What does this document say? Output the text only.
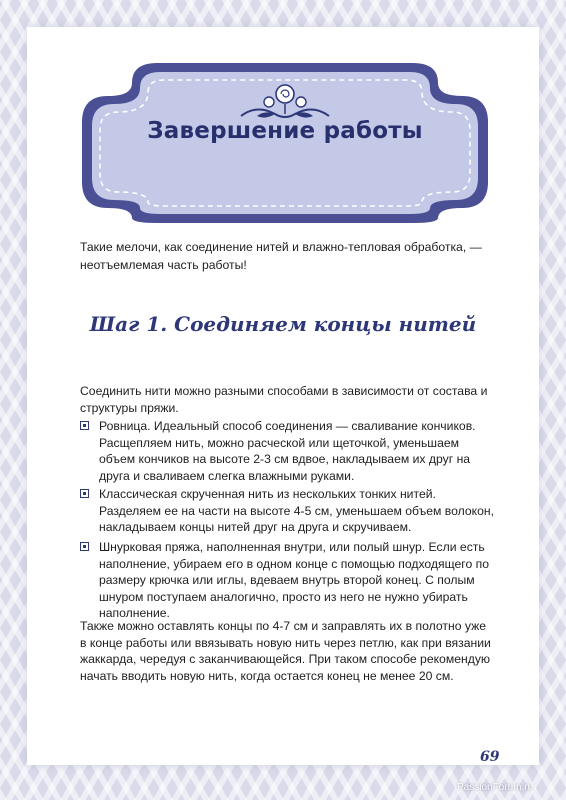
Завершение работы

Такие мелочи, как соединение нитей и влажно-тепловая обработка, — неотъемлемая часть работы!

Шаг 1. Соединяем концы нитей

Соединить нити можно разными способами в зависимости от состава и структуры пряжи.

Ровница. Идеальный способ соединения — сваливание кончиков. Расщепляем нить, можно расческой или щеточкой, уменьшаем объем кончиков на высоте 2-3 см вдвое, накладываем их друг на друга и сваливаем слегка влажными руками.

Классическая скрученная нить из нескольких тонких нитей. Разделяем ее на части на высоте 4-5 см, уменьшаем объем волокон, накладываем концы нитей друг на друга и скручиваем.

Шнурковая пряжа, наполненная внутри, или полый шнур. Если есть наполнение, убираем его в одном конце с помощью подходящего по размеру крючка или иглы, вдеваем внутрь второй конец. С полым шнуром поступаем аналогично, просто из него не нужно убирать наполнение.

Также можно оставлять концы по 4-7 см и заправлять их в полотно уже в конце работы или ввязывать новую нить через петлю, как при вязании жаккарда, чередуя с заканчивающейся. При таком способе рекомендую начать вводить новую нить, когда остается конец не менее 20 см.

69

PassionForum.ru
